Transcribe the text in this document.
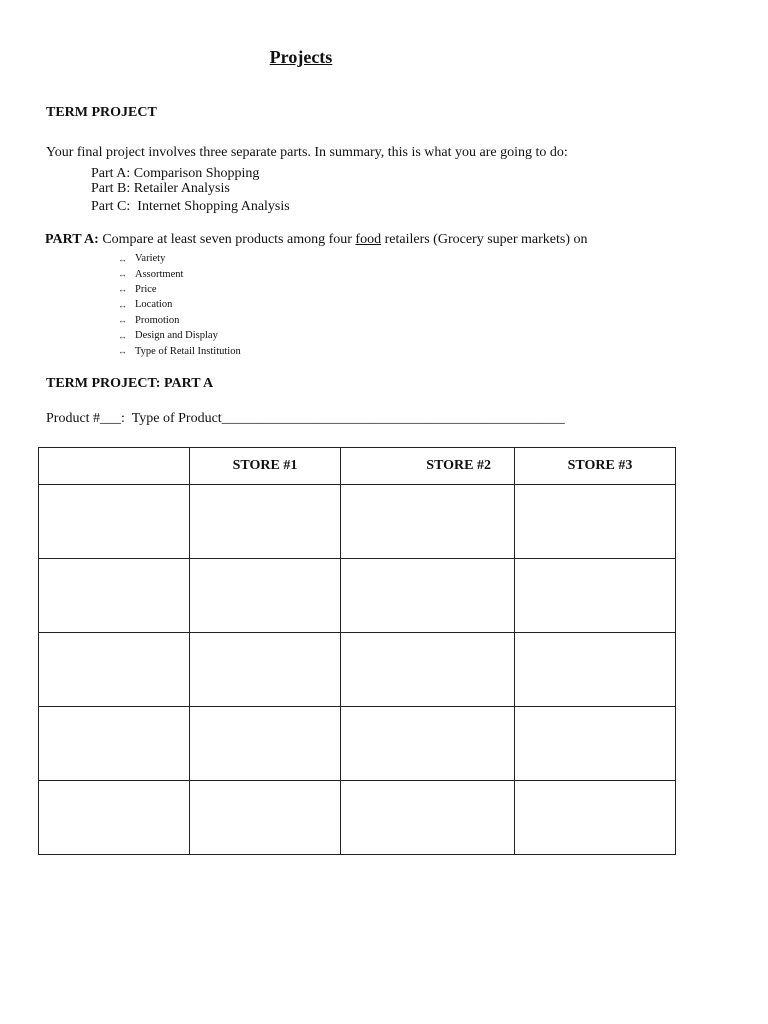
Projects
TERM PROJECT
Your final project involves three separate parts. In summary, this is what you are going to do:
Part A: Comparison Shopping
Part B: Retailer Analysis
Part C:  Internet Shopping Analysis
PART A: Compare at least seven products among four food retailers (Grocery super markets) on
↔ Variety
↔ Assortment
↔ Price
↔ Location
↔ Promotion
↔ Design and Display
↔ Type of Retail Institution
TERM PROJECT: PART A
Product #___:  Type of Product_________________________________________________
	STORE #1	STORE #2	STORE #3
